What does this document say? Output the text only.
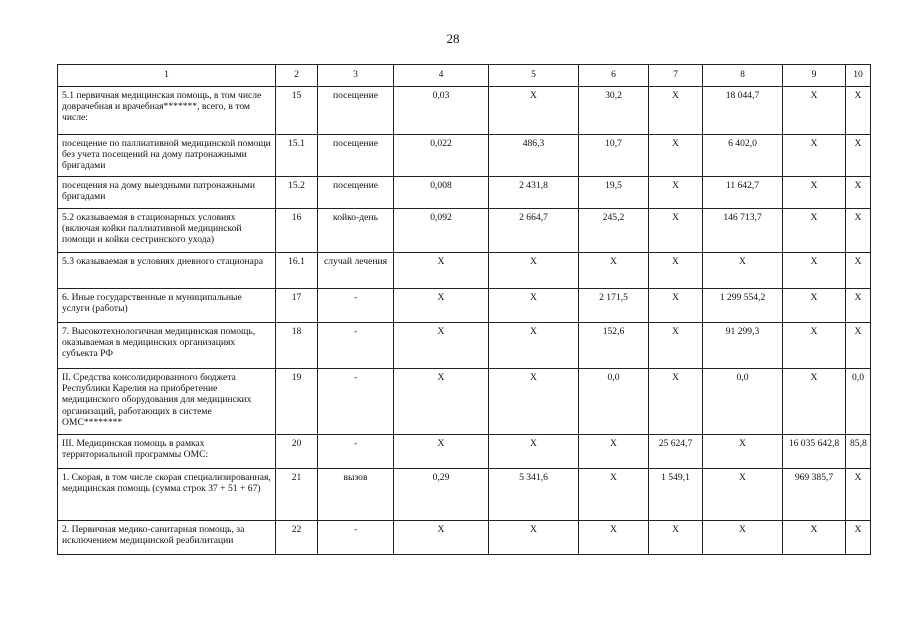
28
1	2	3	4	5	6	7	8	9	10
5.1 первичная медицинская помощь, в том числе доврачебная и врачебная*******, всего, в том числе:	15	посещение	0,03	Х	30,2	Х	18 044,7	Х	Х
посещение по паллиативной медицинской помощи без учета посещений на дому патронажными бригадами	15.1	посещение	0,022	486,3	10,7	Х	6 402,0	Х	Х
посещения на дому выездными патронажными бригадами	15.2	посещение	0,008	2 431,8	19,5	Х	11 642,7	Х	Х
5.2 оказываемая в стационарных условиях (включая койки паллиативной медицинской помощи и койки сестринского ухода)	16	койко-день	0,092	2 664,7	245,2	Х	146 713,7	Х	Х
5.3 оказываемая в условиях дневного стационара	16.1	случай лечения	Х	Х	Х	Х	Х	Х	Х
6. Иные государственные и муниципальные услуги (работы)	17	-	Х	Х	2 171,5	Х	1 299 554,2	Х	Х
7. Высокотехнологичная медицинская помощь, оказываемая в медицинских организациях субъекта РФ	18	-	Х	Х	152,6	Х	91 299,3	Х	Х
II. Средства консолидированного бюджета Республики Карелия на приобретение медицинского оборудования для медицинских организаций, работающих в системе ОМС********	19	-	Х	Х	0,0	Х	0,0	Х	0,0
III. Медицинская помощь в рамках территориальной программы ОМС:	20	-	Х	Х	Х	25 624,7	Х	16 035 642,8	85,8
1. Скорая, в том числе скорая специализированная, медицинская помощь (сумма строк 37 + 51 + 67)	21	вызов	0,29	5 341,6	Х	1 549,1	Х	969 385,7	Х
2. Первичная медико-санитарная помощь, за исключением медицинской реабилитации	22	-	Х	Х	Х	Х	Х	Х	Х
